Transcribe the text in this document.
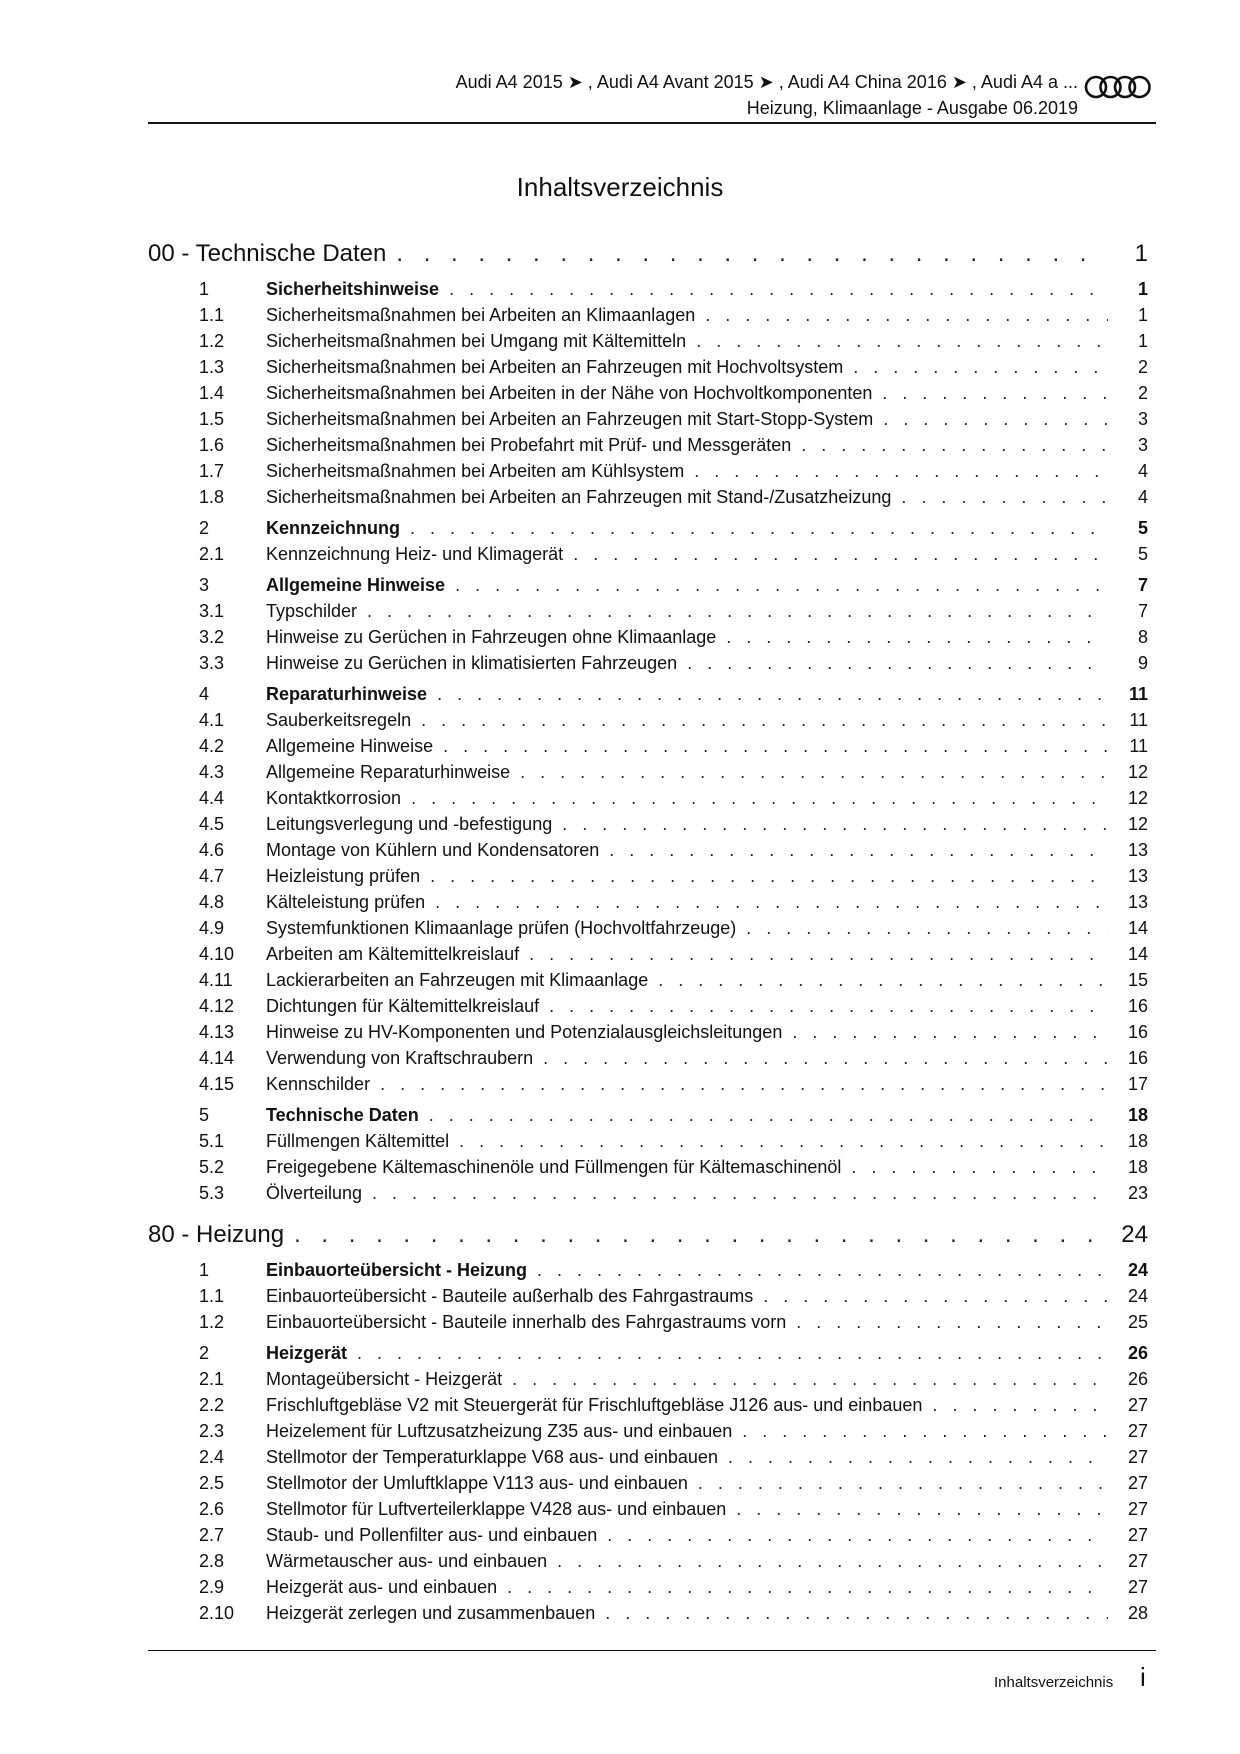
Audi A4 2015 ➤ , Audi A4 Avant 2015 ➤ , Audi A4 China 2016 ➤ , Audi A4 a ...
Heizung, Klimaanlage - Ausgabe 06.2019
Inhaltsverzeichnis
00 - Technische Daten . . .	1
1	Sicherheitshinweise . . .	1
1.1	Sicherheitsmaßnahmen bei Arbeiten an Klimaanlagen . . .	1
1.2	Sicherheitsmaßnahmen bei Umgang mit Kältemitteln . . .	1
1.3	Sicherheitsmaßnahmen bei Arbeiten an Fahrzeugen mit Hochvoltsystem . . .	2
1.4	Sicherheitsmaßnahmen bei Arbeiten in der Nähe von Hochvoltkomponenten . . .	2
1.5	Sicherheitsmaßnahmen bei Arbeiten an Fahrzeugen mit Start-Stopp-System . . .	3
1.6	Sicherheitsmaßnahmen bei Probefahrt mit Prüf- und Messgeräten . . .	3
1.7	Sicherheitsmaßnahmen bei Arbeiten am Kühlsystem . . .	4
1.8	Sicherheitsmaßnahmen bei Arbeiten an Fahrzeugen mit Stand-/Zusatzheizung . . .	4
2	Kennzeichnung . . .	5
2.1	Kennzeichnung Heiz- und Klimagerät . . .	5
3	Allgemeine Hinweise . . .	7
3.1	Typschilder . . .	7
3.2	Hinweise zu Gerüchen in Fahrzeugen ohne Klimaanlage . . .	8
3.3	Hinweise zu Gerüchen in klimatisierten Fahrzeugen . . .	9
4	Reparaturhinweise . . .	11
4.1	Sauberkeitsregeln . . .	11
4.2	Allgemeine Hinweise . . .	11
4.3	Allgemeine Reparaturhinweise . . .	12
4.4	Kontaktkorrosion . . .	12
4.5	Leitungsverlegung und -befestigung . . .	12
4.6	Montage von Kühlern und Kondensatoren . . .	13
4.7	Heizleistung prüfen . . .	13
4.8	Kälteleistung prüfen . . .	13
4.9	Systemfunktionen Klimaanlage prüfen (Hochvoltfahrzeuge) . . .	14
4.10	Arbeiten am Kältemittelkreislauf . . .	14
4.11	Lackierarbeiten an Fahrzeugen mit Klimaanlage . . .	15
4.12	Dichtungen für Kältemittelkreislauf . . .	16
4.13	Hinweise zu HV-Komponenten und Potenzialausgleichsleitungen . . .	16
4.14	Verwendung von Kraftschraubern . . .	16
4.15	Kennschilder . . .	17
5	Technische Daten . . .	18
5.1	Füllmengen Kältemittel . . .	18
5.2	Freigegebene Kältemaschinenöle und Füllmengen für Kältemaschinenöl . . .	18
5.3	Ölverteilung . . .	23
80 - Heizung . . .	24
1	Einbauorteübersicht - Heizung . . .	24
1.1	Einbauorteübersicht - Bauteile außerhalb des Fahrgastraums . . .	24
1.2	Einbauorteübersicht - Bauteile innerhalb des Fahrgastraums vorn . . .	25
2	Heizgerät . . .	26
2.1	Montageübersicht - Heizgerät . . .	26
2.2	Frischluftgebläse V2 mit Steuergerät für Frischluftgebläse J126 aus- und einbauen . . .	27
2.3	Heizelement für Luftzusatzheizung Z35 aus- und einbauen . . .	27
2.4	Stellmotor der Temperaturklappe V68 aus- und einbauen . . .	27
2.5	Stellmotor der Umluftklappe V113 aus- und einbauen . . .	27
2.6	Stellmotor für Luftverteilerklappe V428 aus- und einbauen . . .	27
2.7	Staub- und Pollenfilter aus- und einbauen . . .	27
2.8	Wärmetauscher aus- und einbauen . . .	27
2.9	Heizgerät aus- und einbauen . . .	27
2.10	Heizgerät zerlegen und zusammenbauen . . .	28
Inhaltsverzeichnis i
